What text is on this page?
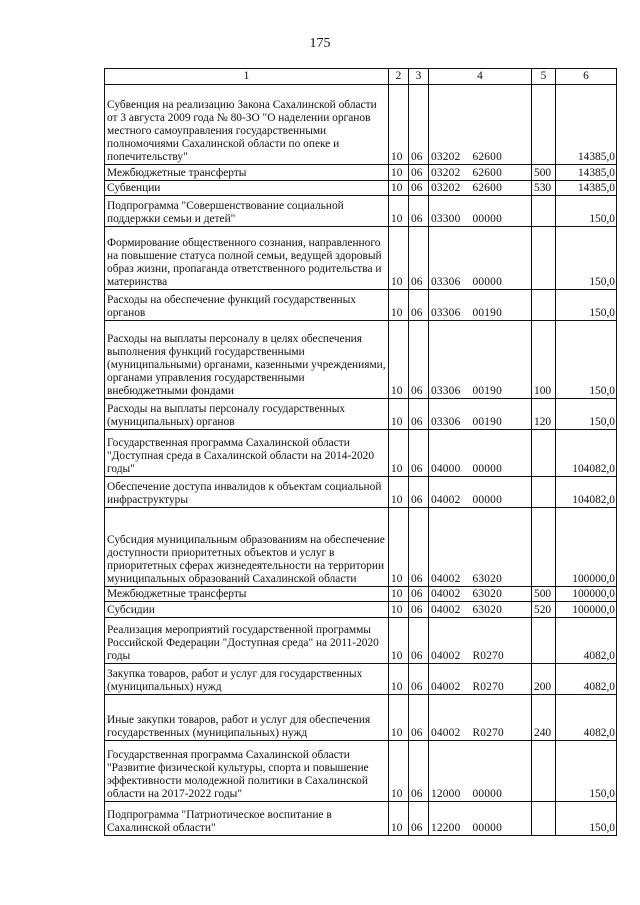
175
1	2	3	4	5	6
Субвенция на реализацию Закона Сахалинской области от 3 августа 2009 года № 80-ЗО "О наделении органов местного самоуправления государственными полномочиями Сахалинской области по опеке и попечительству"	10	06	03202 62600		14385,0
Межбюджетные трансферты	10	06	03202 62600	500	14385,0
Субвенции	10	06	03202 62600	530	14385,0
Подпрограмма "Совершенствование социальной поддержки семьи и детей"	10	06	03300 00000		150,0
Формирование общественного сознания, направленного на повышение статуса полной семьи, ведущей здоровый образ жизни, пропаганда ответственного родительства и материнства	10	06	03306 00000		150,0
Расходы на обеспечение функций государственных органов	10	06	03306 00190		150,0
Расходы на выплаты персоналу в целях обеспечения выполнения функций государственными (муниципальными) органами, казенными учреждениями, органами управления государственными внебюджетными фондами	10	06	03306 00190	100	150,0
Расходы на выплаты персоналу государственных (муниципальных) органов	10	06	03306 00190	120	150,0
Государственная программа Сахалинской области "Доступная среда в Сахалинской области на 2014-2020 годы"	10	06	04000 00000		104082,0
Обеспечение доступа инвалидов к объектам социальной инфраструктуры	10	06	04002 00000		104082,0
Субсидия муниципальным образованиям на обеспечение доступности приоритетных объектов и услуг в приоритетных сферах жизнедеятельности на территории муниципальных образований Сахалинской области	10	06	04002 63020		100000,0
Межбюджетные трансферты	10	06	04002 63020	500	100000,0
Субсидии	10	06	04002 63020	520	100000,0
Реализация мероприятий государственной программы Российской Федерации "Доступная среда" на 2011-2020 годы	10	06	04002 R0270		4082,0
Закупка товаров, работ и услуг для государственных (муниципальных) нужд	10	06	04002 R0270	200	4082,0
Иные закупки товаров, работ и услуг для обеспечения государственных (муниципальных) нужд	10	06	04002 R0270	240	4082,0
Государственная программа Сахалинской области "Развитие физической культуры, спорта и повышение эффективности молодежной политики в Сахалинской области на 2017-2022 годы"	10	06	12000 00000		150,0
Подпрограмма "Патриотическое воспитание в Сахалинской области"	10	06	12200 00000		150,0
